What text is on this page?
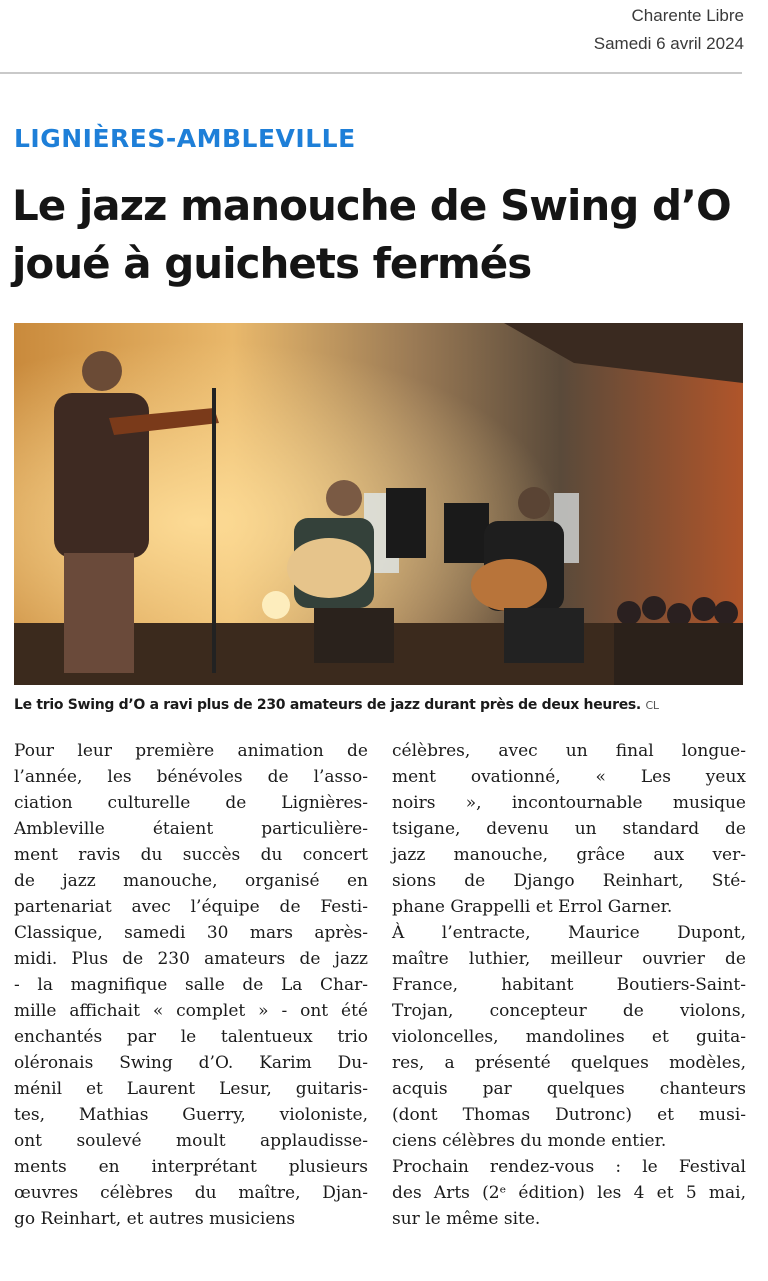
Charente Libre
Samedi 6 avril 2024
LIGNIÈRES-AMBLEVILLE
Le jazz manouche de Swing d’O
joué à guichets fermés
Le trio Swing d’O a ravi plus de 230 amateurs de jazz durant près de deux heures. CL
Pour leur première animation de
l’année, les bénévoles de l’asso-
ciation culturelle de Lignières-
Ambleville étaient particulière-
ment ravis du succès du concert
de jazz manouche, organisé en
partenariat avec l’équipe de Festi-
Classique, samedi 30 mars après-
midi. Plus de 230 amateurs de jazz
- la magnifique salle de La Char-
mille affichait « complet » - ont été
enchantés par le talentueux trio
oléronais Swing d’O. Karim Du-
ménil et Laurent Lesur, guitaris-
tes, Mathias Guerry, violoniste,
ont soulevé moult applaudisse-
ments en interprétant plusieurs
œuvres célèbres du maître, Djan-
go Reinhart, et autres musiciens
célèbres, avec un final longue-
ment ovationné, « Les yeux
noirs », incontournable musique
tsigane, devenu un standard de
jazz manouche, grâce aux ver-
sions de Django Reinhart, Sté-
phane Grappelli et Errol Garner.
À l’entracte, Maurice Dupont,
maître luthier, meilleur ouvrier de
France, habitant Boutiers-Saint-
Trojan, concepteur de violons,
violoncelles, mandolines et guita-
res, a présenté quelques modèles,
acquis par quelques chanteurs
(dont Thomas Dutronc) et musi-
ciens célèbres du monde entier.
Prochain rendez-vous : le Festival
des Arts (2ᵉ édition) les 4 et 5 mai,
sur le même site.
